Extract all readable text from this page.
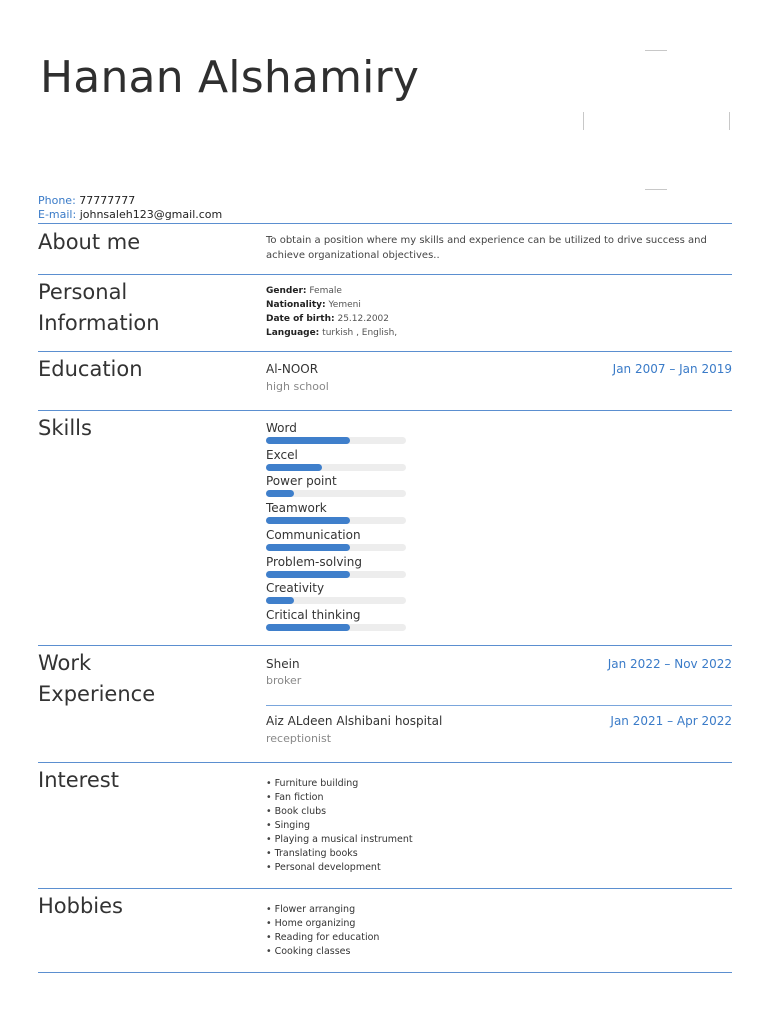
Hanan Alshamiry
Phone: 77777777
E-mail: johnsaleh123@gmail.com
About me	To obtain a position where my skills and experience can be utilized to drive success and
achieve organizational objectives..
Personal
Information
Gender: Female
Nationality: Yemeni
Date of birth: 25.12.2002
Language: turkish , English,
Education	Al-NOOR
high school
Jan 2007 – Jan 2019
Skills	Word
Excel
Power point
Teamwork
Communication
Problem-solving
Creativity
Critical thinking
Work
Experience
Shein
broker
Jan 2022 – Nov 2022
Aiz ALdeen Alshibani hospital
receptionist
Jan 2021 – Apr 2022
Interest	• Furniture building
• Fan fiction
• Book clubs
• Singing
• Playing a musical instrument
• Translating books
• Personal development
Hobbies	• Flower arranging
• Home organizing
• Reading for education
• Cooking classes
